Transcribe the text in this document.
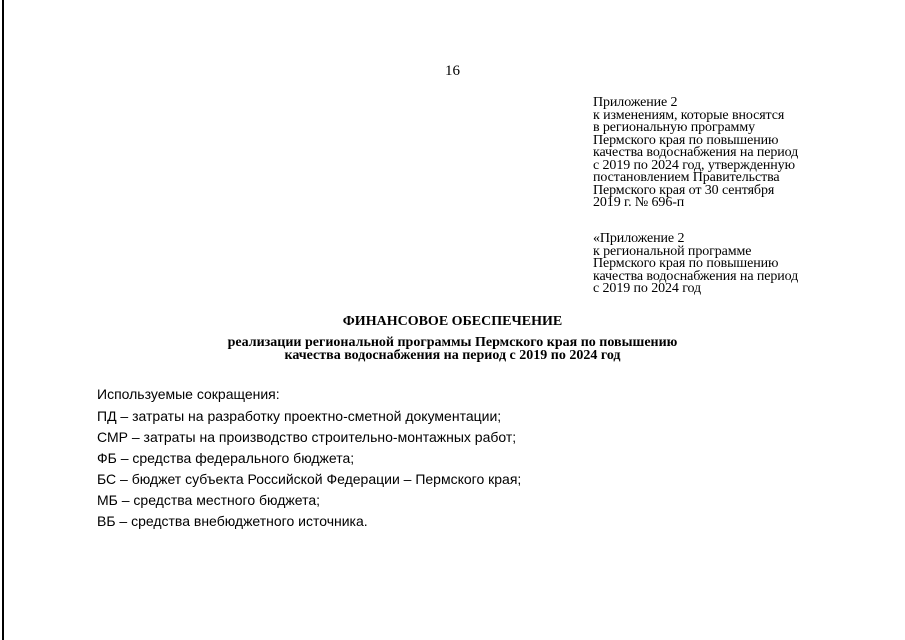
16
Приложение 2
к изменениям, которые вносятся
в региональную программу
Пермского края по повышению
качества водоснабжения на период
с 2019 по 2024 год, утвержденную
постановлением Правительства
Пермского края от 30 сентября
2019 г. № 696-п
«Приложение 2
к региональной программе
Пермского края по повышению
качества водоснабжения на период
с 2019 по 2024 год
ФИНАНСОВОЕ ОБЕСПЕЧЕНИЕ
реализации региональной программы Пермского края по повышению
качества водоснабжения на период с 2019 по 2024 год
Используемые сокращения:
ПД – затраты на разработку проектно-сметной документации;
СМР – затраты на производство строительно-монтажных работ;
ФБ – средства федерального бюджета;
БС – бюджет субъекта Российской Федерации – Пермского края;
МБ – средства местного бюджета;
ВБ – средства внебюджетного источника.
